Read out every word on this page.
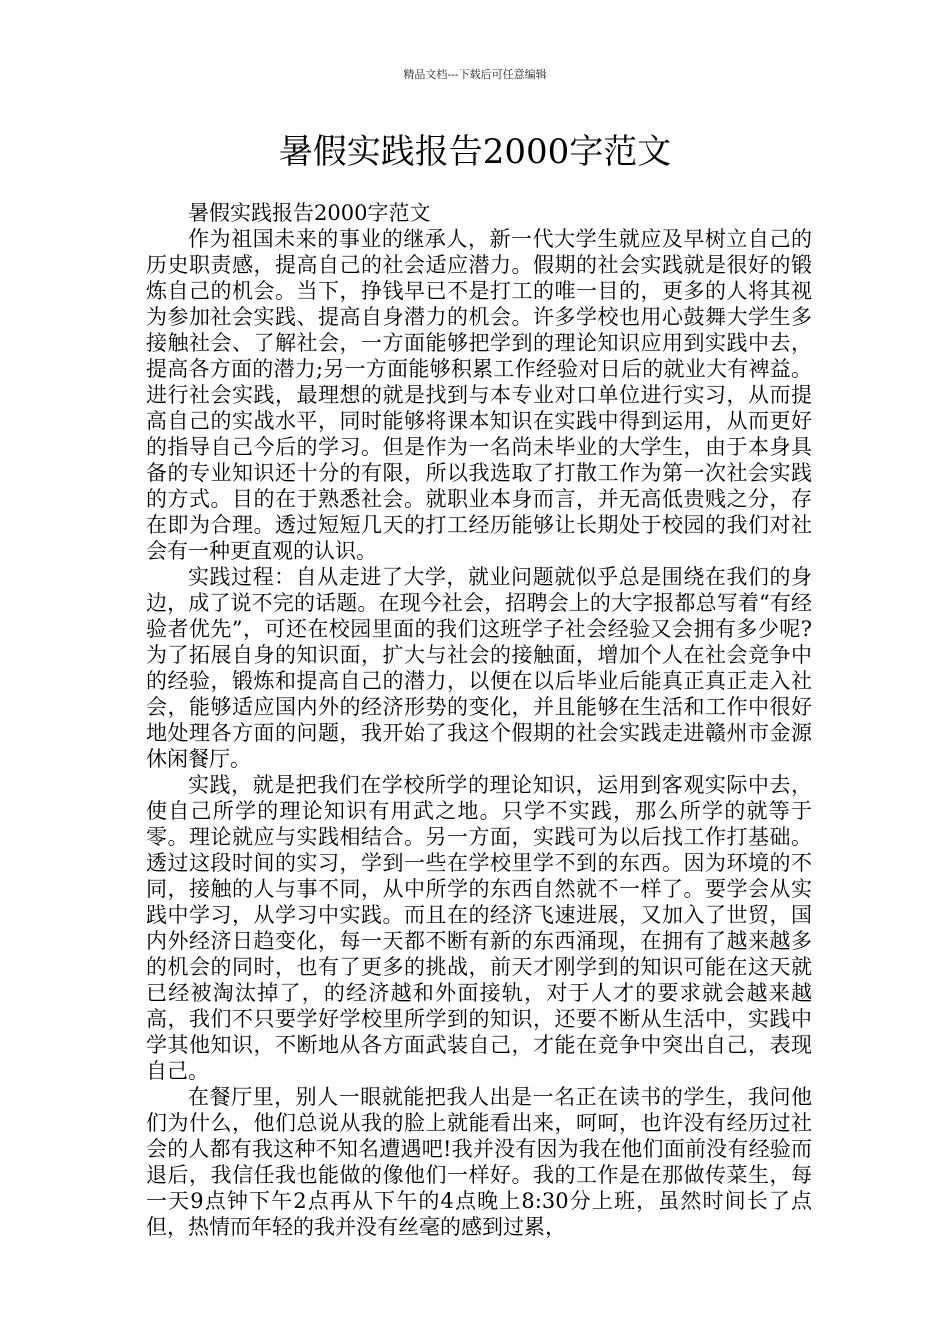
精品文档---下载后可任意编辑
暑假实践报告2000字范文

暑假实践报告2000字范文

作为祖国未来的事业的继承人，新一代大学生就应及早树立自己的历史职责感，提高自己的社会适应潜力。假期的社会实践就是很好的锻炼自己的机会。当下，挣钱早已不是打工的唯一目的，更多的人将其视为参加社会实践、提高自身潜力的机会。许多学校也用心鼓舞大学生多接触社会、了解社会，一方面能够把学到的理论知识应用到实践中去，提高各方面的潜力;另一方面能够积累工作经验对日后的就业大有裨益。进行社会实践，最理想的就是找到与本专业对口单位进行实习，从而提高自己的实战水平，同时能够将课本知识在实践中得到运用，从而更好的指导自己今后的学习。但是作为一名尚未毕业的大学生，由于本身具备的专业知识还十分的有限，所以我选取了打散工作为第一次社会实践的方式。目的在于熟悉社会。就职业本身而言，并无高低贵贱之分，存在即为合理。透过短短几天的打工经历能够让长期处于校园的我们对社会有一种更直观的认识。

实践过程：自从走进了大学，就业问题就似乎总是围绕在我们的身边，成了说不完的话题。在现今社会，招聘会上的大字报都总写着“有经验者优先”，可还在校园里面的我们这班学子社会经验又会拥有多少呢?为了拓展自身的知识面，扩大与社会的接触面，增加个人在社会竞争中的经验，锻炼和提高自己的潜力，以便在以后毕业后能真正真正走入社会，能够适应国内外的经济形势的变化，并且能够在生活和工作中很好地处理各方面的问题，我开始了我这个假期的社会实践走进赣州市金源休闲餐厅。

实践，就是把我们在学校所学的理论知识，运用到客观实际中去，使自己所学的理论知识有用武之地。只学不实践，那么所学的就等于零。理论就应与实践相结合。另一方面，实践可为以后找工作打基础。透过这段时间的实习，学到一些在学校里学不到的东西。因为环境的不同，接触的人与事不同，从中所学的东西自然就不一样了。要学会从实践中学习，从学习中实践。而且在的经济飞速进展，又加入了世贸，国内外经济日趋变化，每一天都不断有新的东西涌现，在拥有了越来越多的机会的同时，也有了更多的挑战，前天才刚学到的知识可能在这天就已经被淘汰掉了，的经济越和外面接轨，对于人才的要求就会越来越高，我们不只要学好学校里所学到的知识，还要不断从生活中，实践中学其他知识，不断地从各方面武装自己，才能在竞争中突出自己，表现自己。

在餐厅里，别人一眼就能把我人出是一名正在读书的学生，我问他们为什么，他们总说从我的脸上就能看出来，呵呵，也许没有经历过社会的人都有我这种不知名遭遇吧!我并没有因为我在他们面前没有经验而退后，我信任我也能做的像他们一样好。我的工作是在那做传菜生，每一天9点钟下午2点再从下午的4点晚上8:30分上班，虽然时间长了点但，热情而年轻的我并没有丝毫的感到过累，
